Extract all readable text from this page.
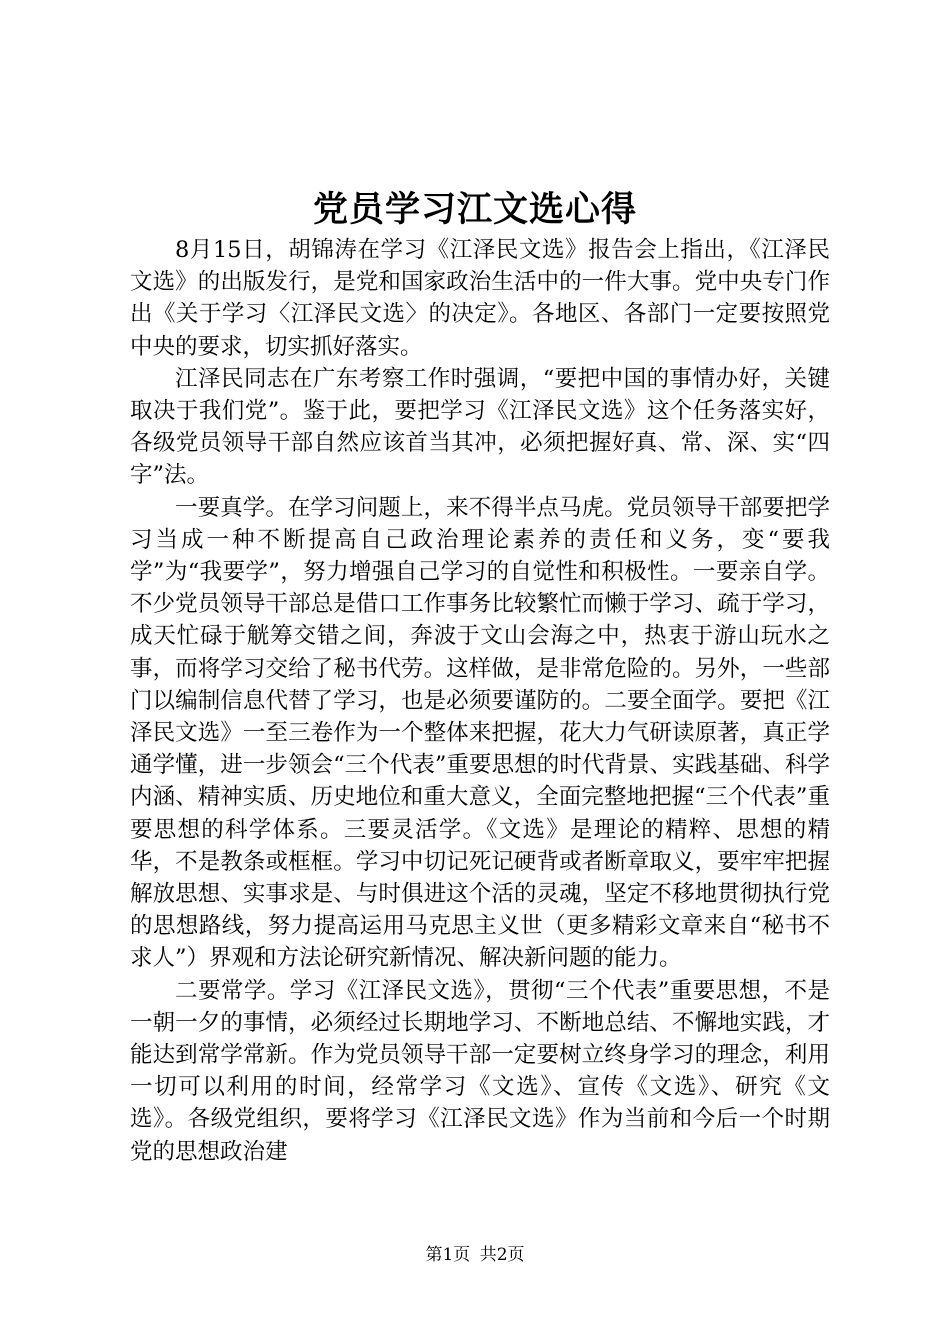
党员学习江文选心得

8月15日，胡锦涛在学习《江泽民文选》报告会上指出，《江泽民文选》的出版发行，是党和国家政治生活中的一件大事。党中央专门作出《关于学习〈江泽民文选〉的决定》。各地区、各部门一定要按照党中央的要求，切实抓好落实。

江泽民同志在广东考察工作时强调，“要把中国的事情办好，关键取决于我们党”。鉴于此，要把学习《江泽民文选》这个任务落实好，各级党员领导干部自然应该首当其冲，必须把握好真、常、深、实“四字”法。

一要真学。在学习问题上，来不得半点马虎。党员领导干部要把学习当成一种不断提高自己政治理论素养的责任和义务，变“要我学”为“我要学”，努力增强自己学习的自觉性和积极性。一要亲自学。不少党员领导干部总是借口工作事务比较繁忙而懒于学习、疏于学习，成天忙碌于觥筹交错之间，奔波于文山会海之中，热衷于游山玩水之事，而将学习交给了秘书代劳。这样做，是非常危险的。另外，一些部门以编制信息代替了学习，也是必须要谨防的。二要全面学。要把《江泽民文选》一至三卷作为一个整体来把握，花大力气研读原著，真正学通学懂，进一步领会“三个代表”重要思想的时代背景、实践基础、科学内涵、精神实质、历史地位和重大意义，全面完整地把握“三个代表”重要思想的科学体系。三要灵活学。《文选》是理论的精粹、思想的精华，不是教条或框框。学习中切记死记硬背或者断章取义，要牢牢把握解放思想、实事求是、与时俱进这个活的灵魂，坚定不移地贯彻执行党的思想路线，努力提高运用马克思主义世（更多精彩文章来自“秘书不求人”）界观和方法论研究新情况、解决新问题的能力。

二要常学。学习《江泽民文选》，贯彻“三个代表”重要思想，不是一朝一夕的事情，必须经过长期地学习、不断地总结、不懈地实践，才能达到常学常新。作为党员领导干部一定要树立终身学习的理念，利用一切可以利用的时间，经常学习《文选》、宣传《文选》、研究《文选》。各级党组织，要将学习《江泽民文选》作为当前和今后一个时期党的思想政治建

第1页 共2页
